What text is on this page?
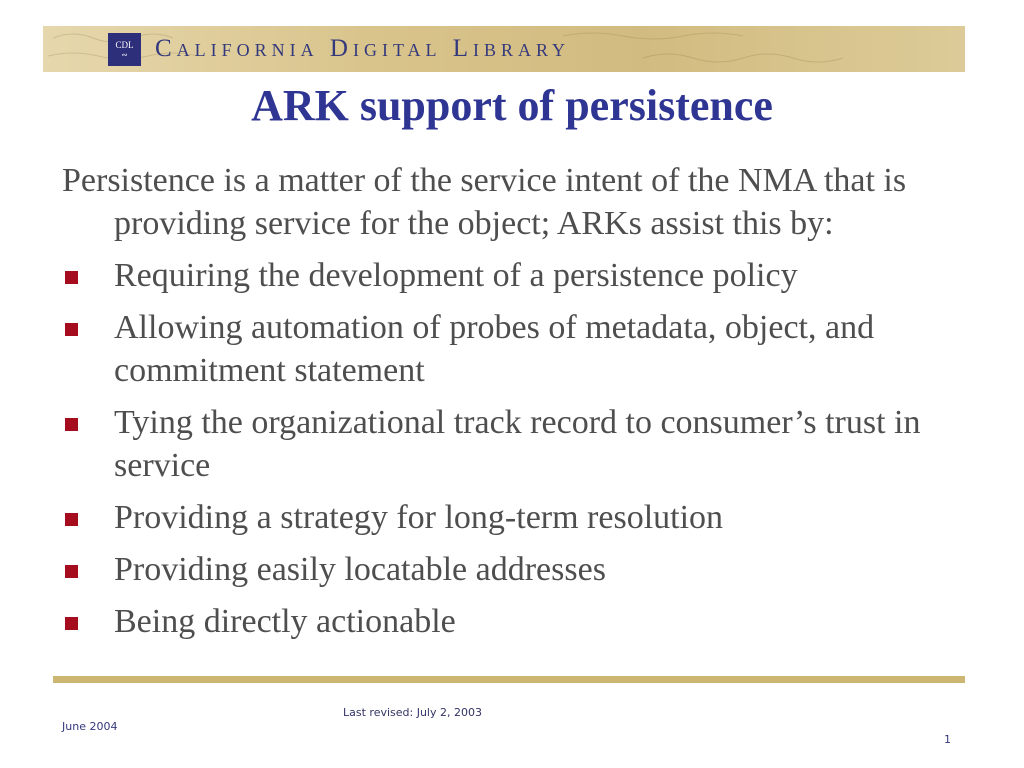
CDL
∾ California Digital Library
ARK support of persistence

Persistence is a matter of the service intent of the NMA that is providing service for the object; ARKs assist this by:

Requiring the development of a persistence policy
Allowing automation of probes of metadata, object, and commitment statement
Tying the organizational track record to consumer’s trust in service
Providing a strategy for long-term resolution
Providing easily locatable addresses
Being directly actionable
Last revised: July 2, 2003
June 2004
1
